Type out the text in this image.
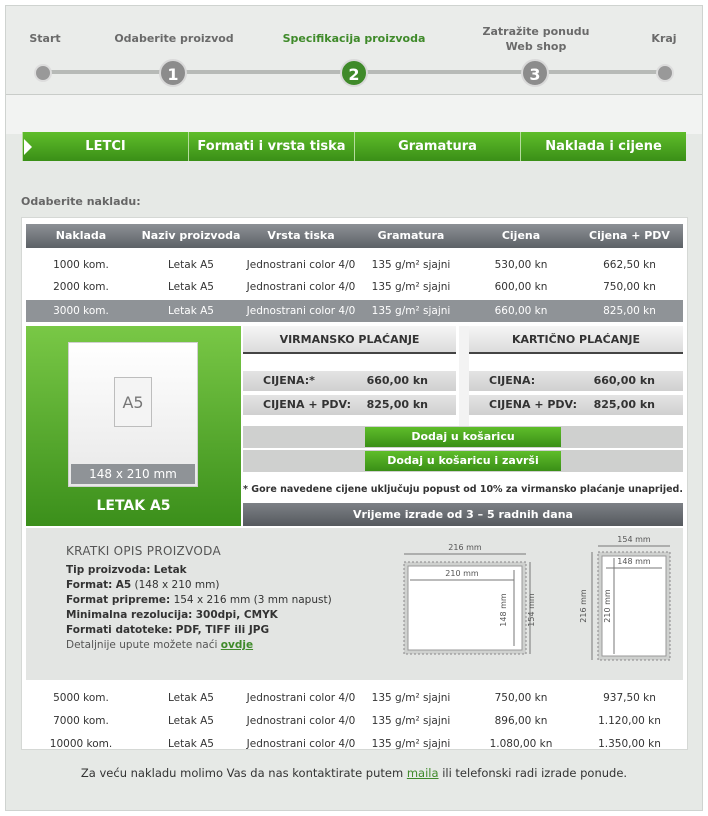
Start	Odaberite proizvod
1
Specifikacija proizvoda
2
Zatražite ponudu
Web shop
3
Kraj
LETCI	Formati i vrsta tiska	Gramatura	Naklada i cijene
Odaberite nakladu:
Naklada	Naziv proizvoda	Vrsta tiska	Gramatura	Cijena	Cijena + PDV
1000 kom.	Letak A5	Jednostrani color 4/0	135 g/m² sjajni	530,00 kn	662,50 kn
2000 kom.	Letak A5	Jednostrani color 4/0	135 g/m² sjajni	600,00 kn	750,00 kn
3000 kom.	Letak A5	Jednostrani color 4/0	135 g/m² sjajni	660,00 kn	825,00 kn
A5
148 x 210 mm
LETAK A5
VIRMANSKO PLAĆANJE	KARTIČNO PLAĆANJE
CIJENA:*	660,00 kn
CIJENA + PDV: 825,00 kn
CIJENA:	660,00 kn
CIJENA + PDV: 825,00 kn
Dodaj u košaricu
Dodaj u košaricu i završi
* Gore navedene cijene uključuju popust od 10% za virmansko plaćanje unaprijed.
Vrijeme izrade od 3 – 5 radnih dana
KRATKI OPIS PROIZVODA
Tip proizvoda: Letak
Format: A5 (148 x 210 mm)
Format pripreme: 154 x 216 mm (3 mm napust)
Minimalna rezolucija: 300dpi, CMYK
Formati datoteke: PDF, TIFF ili JPG
Detaljnije upute možete naći ovdje
216 mm
210 mm
148 mm 154 mm
154 mm
148 mm
216 mm 210 mm
5000 kom.	Letak A5	Jednostrani color 4/0	135 g/m² sjajni	750,00 kn	937,50 kn
7000 kom.	Letak A5	Jednostrani color 4/0	135 g/m² sjajni	896,00 kn	1.120,00 kn
10000 kom.	Letak A5	Jednostrani color 4/0	135 g/m² sjajni	1.080,00 kn	1.350,00 kn
Za veću nakladu molimo Vas da nas kontaktirate putem maila ili telefonski radi izrade ponude.
